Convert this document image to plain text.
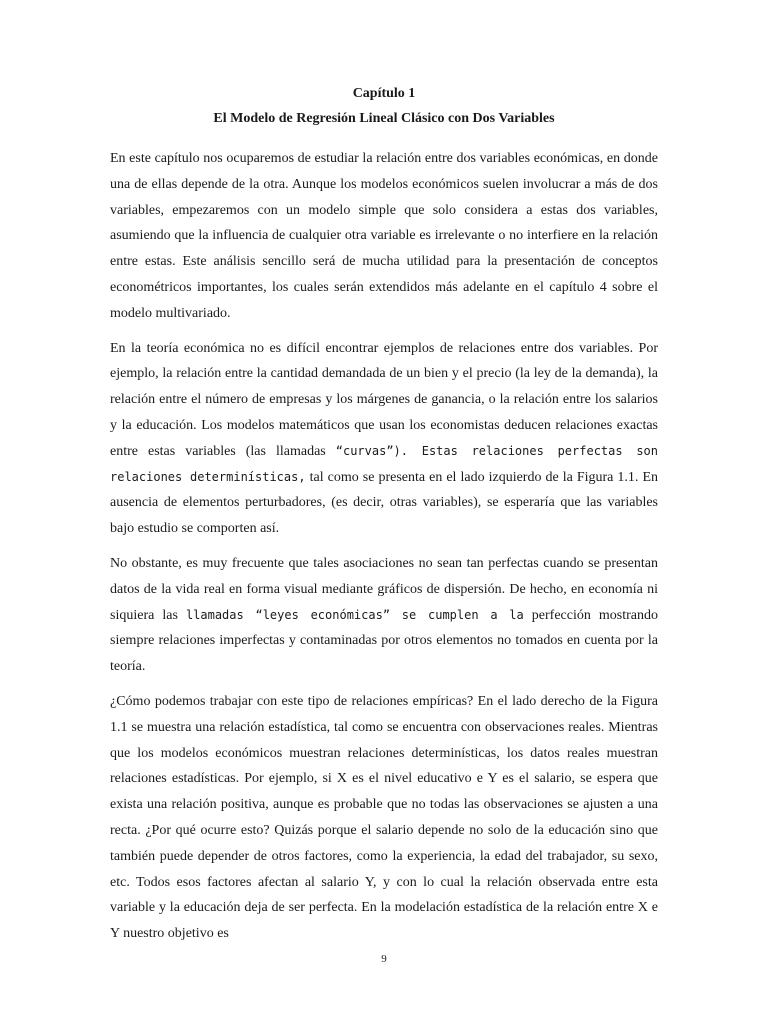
Capítulo 1
El Modelo de Regresión Lineal Clásico con Dos Variables

En este capítulo nos ocuparemos de estudiar la relación entre dos variables económicas, en donde una de ellas depende de la otra. Aunque los modelos económicos suelen involucrar a más de dos variables, empezaremos con un modelo simple que solo considera a estas dos variables, asumiendo que la influencia de cualquier otra variable es irrelevante o no interfiere en la relación entre estas. Este análisis sencillo será de mucha utilidad para la presentación de conceptos econométricos importantes, los cuales serán extendidos más adelante en el capítulo 4 sobre el modelo multivariado.

En la teoría económica no es difícil encontrar ejemplos de relaciones entre dos variables. Por ejemplo, la relación entre la cantidad demandada de un bien y el precio (la ley de la demanda), la relación entre el número de empresas y los márgenes de ganancia, o la relación entre los salarios y la educación. Los modelos matemáticos que usan los economistas deducen relaciones exactas entre estas variables (las llamadas “curvas”). Estas relaciones perfectas son relaciones determinísticas, tal como se presenta en el lado izquierdo de la Figura 1.1. En ausencia de elementos perturbadores, (es decir, otras variables), se esperaría que las variables bajo estudio se comporten así.

No obstante, es muy frecuente que tales asociaciones no sean tan perfectas cuando se presentan datos de la vida real en forma visual mediante gráficos de dispersión. De hecho, en economía ni siquiera las llamadas “leyes económicas” se cumplen a la perfección mostrando siempre relaciones imperfectas y contaminadas por otros elementos no tomados en cuenta por la teoría.

¿Cómo podemos trabajar con este tipo de relaciones empíricas? En el lado derecho de la Figura 1.1 se muestra una relación estadística, tal como se encuentra con observaciones reales. Mientras que los modelos económicos muestran relaciones determinísticas, los datos reales muestran relaciones estadísticas. Por ejemplo, si X es el nivel educativo e Y es el salario, se espera que exista una relación positiva, aunque es probable que no todas las observaciones se ajusten a una recta. ¿Por qué ocurre esto? Quizás porque el salario depende no solo de la educación sino que también puede depender de otros factores, como la experiencia, la edad del trabajador, su sexo, etc. Todos esos factores afectan al salario Y, y con lo cual la relación observada entre esta variable y la educación deja de ser perfecta. En la modelación estadística de la relación entre X e Y nuestro objetivo es

9
